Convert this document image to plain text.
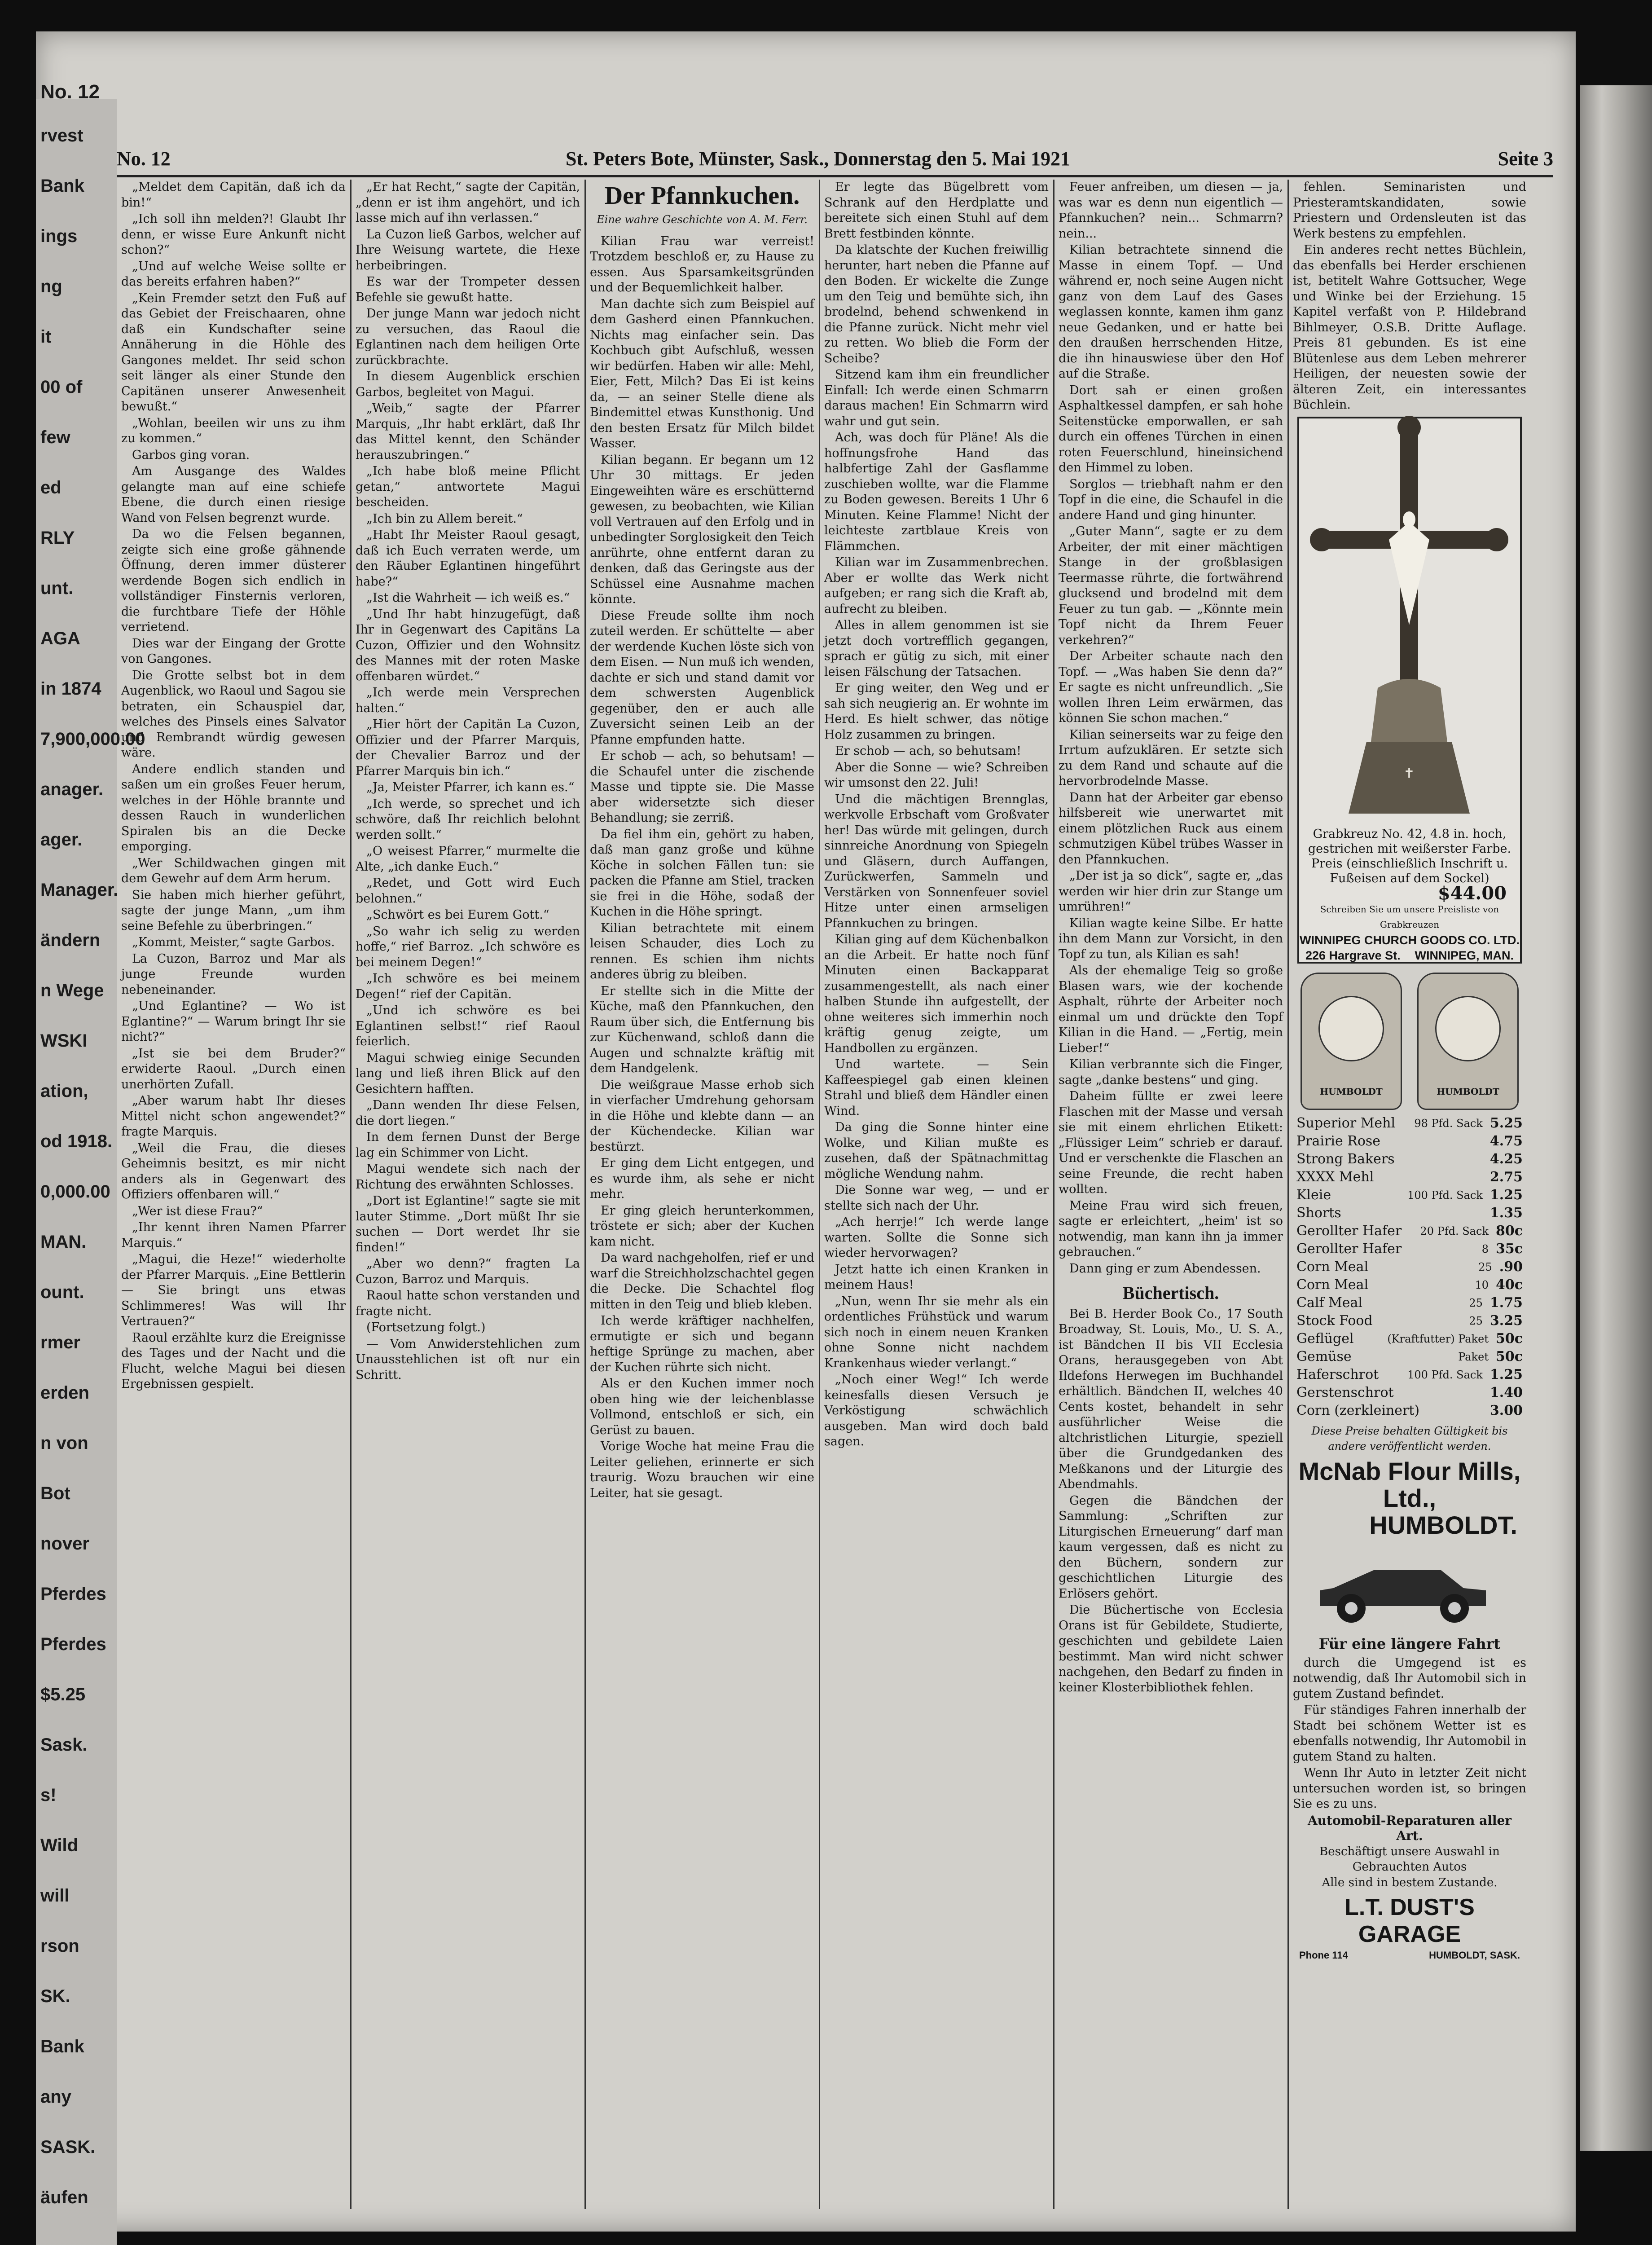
No. 12
rvest
Bank
ings
ng
it
00 of
few
ed
RLY
unt.
AGA
in 1874
7,900,000.00
anager.
ager.
Manager.
ändern
n Wege
WSKI
ation,
od 1918.
0,000.00
MAN.
ount.
rmer
erden
n von
Bot
nover
Pferdes
Pferdes
$5.25
Sask.
s!
Wild
will
rson
SK.
Bank
any
SASK.
äufen
No. 12	St. Peters Bote, Münster, Sask., Donnerstag den 5. Mai 1921	Seite 3

„Meldet dem Capitän, daß ich da bin!“

„Ich soll ihn melden?! Glaubt Ihr denn, er wisse Eure Ankunft nicht schon?“

„Und auf welche Weise sollte er das bereits erfahren haben?“

„Kein Fremder setzt den Fuß auf das Gebiet der Freischaaren, ohne daß ein Kundschafter seine Annäherung in die Höhle des Gangones meldet. Ihr seid schon seit länger als einer Stunde den Capitänen unserer Anwesenheit bewußt.“

„Wohlan, beeilen wir uns zu ihm zu kommen.“

Garbos ging voran.

Am Ausgange des Waldes gelangte man auf eine schiefe Ebene, die durch einen riesige Wand von Felsen begrenzt wurde.

Da wo die Felsen begannen, zeigte sich eine große gähnende Öffnung, deren immer düsterer werdende Bogen sich endlich in vollständiger Finsternis verloren, die furchtbare Tiefe der Höhle verrietend.

Dies war der Eingang der Grotte von Gangones.

Die Grotte selbst bot in dem Augenblick, wo Raoul und Sagou sie betraten, ein Schauspiel dar, welches des Pinsels eines Salvator und Rembrandt würdig gewesen wäre.

Andere endlich standen und saßen um ein großes Feuer herum, welches in der Höhle brannte und dessen Rauch in wunderlichen Spiralen bis an die Decke emporging.

„Wer Schildwachen gingen mit dem Gewehr auf dem Arm herum.

Sie haben mich hierher geführt, sagte der junge Mann, „um ihm seine Befehle zu überbringen.“

„Kommt, Meister,“ sagte Garbos.

La Cuzon, Barroz und Mar als junge Freunde wurden nebeneinander.

„Und Eglantine? — Wo ist Eglantine?“ — Warum bringt Ihr sie nicht?“

„Ist sie bei dem Bruder?“ erwiderte Raoul. „Durch einen unerhörten Zufall.

„Aber warum habt Ihr dieses Mittel nicht schon angewendet?“ fragte Marquis.

„Weil die Frau, die dieses Geheimnis besitzt, es mir nicht anders als in Gegenwart des Offiziers offenbaren will.“

„Wer ist diese Frau?“

„Ihr kennt ihren Namen Pfarrer Marquis.“

„Magui, die Heze!“ wiederholte der Pfarrer Marquis. „Eine Bettlerin — Sie bringt uns etwas Schlimmeres! Was will Ihr Vertrauen?“

Raoul erzählte kurz die Ereignisse des Tages und der Nacht und die Flucht, welche Magui bei diesen Ergebnissen gespielt.

„Er hat Recht,“ sagte der Capitän, „denn er ist ihm angehört, und ich lasse mich auf ihn verlassen.“

La Cuzon ließ Garbos, welcher auf Ihre Weisung wartete, die Hexe herbeibringen.

Es war der Trompeter dessen Befehle sie gewußt hatte.

Der junge Mann war jedoch nicht zu versuchen, das Raoul die Eglantinen nach dem heiligen Orte zurückbrachte.

In diesem Augenblick erschien Garbos, begleitet von Magui.

„Weib,“ sagte der Pfarrer Marquis, „Ihr habt erklärt, daß Ihr das Mittel kennt, den Schänder herauszubringen.“

„Ich habe bloß meine Pflicht getan,“ antwortete Magui bescheiden.

„Ich bin zu Allem bereit.“

„Habt Ihr Meister Raoul gesagt, daß ich Euch verraten werde, um den Räuber Eglantinen hingeführt habe?“

„Ist die Wahrheit — ich weiß es.“

„Und Ihr habt hinzugefügt, daß Ihr in Gegenwart des Capitäns La Cuzon, Offizier und den Wohnsitz des Mannes mit der roten Maske offenbaren würdet.“

„Ich werde mein Versprechen halten.“

„Hier hört der Capitän La Cuzon, Offizier und der Pfarrer Marquis, der Chevalier Barroz und der Pfarrer Marquis bin ich.“

„Ja, Meister Pfarrer, ich kann es.“

„Ich werde, so sprechet und ich schwöre, daß Ihr reichlich belohnt werden sollt.“

„O weisest Pfarrer,“ murmelte die Alte, „ich danke Euch.“

„Redet, und Gott wird Euch belohnen.“

„Schwört es bei Eurem Gott.“

„So wahr ich selig zu werden hoffe,“ rief Barroz. „Ich schwöre es bei meinem Degen!“

„Ich schwöre es bei meinem Degen!“ rief der Capitän.

„Und ich schwöre es bei Eglantinen selbst!“ rief Raoul feierlich.

Magui schwieg einige Secunden lang und ließ ihren Blick auf den Gesichtern hafften.

„Dann wenden Ihr diese Felsen, die dort liegen.“

In dem fernen Dunst der Berge lag ein Schimmer von Licht.

Magui wendete sich nach der Richtung des erwähnten Schlosses.

„Dort ist Eglantine!“ sagte sie mit lauter Stimme. „Dort müßt Ihr sie suchen — Dort werdet Ihr sie finden!“

„Aber wo denn?“ fragten La Cuzon, Barroz und Marquis.

Raoul hatte schon verstanden und fragte nicht.

(Fortsetzung folgt.)

— Vom Anwiderstehlichen zum Unausstehlichen ist oft nur ein Schritt.

Der Pfannkuchen.
Eine wahre Geschichte von A. M. Ferr.

Kilian Frau war verreist! Trotzdem beschloß er, zu Hause zu essen. Aus Sparsamkeitsgründen und der Bequemlichkeit halber.

Man dachte sich zum Beispiel auf dem Gasherd einen Pfannkuchen. Nichts mag einfacher sein. Das Kochbuch gibt Aufschluß, wessen wir bedürfen. Haben wir alle: Mehl, Eier, Fett, Milch? Das Ei ist keins da, — an seiner Stelle diene als Bindemittel etwas Kunsthonig. Und den besten Ersatz für Milch bildet Wasser.

Kilian begann. Er begann um 12 Uhr 30 mittags. Er jeden Eingeweihten wäre es erschütternd gewesen, zu beobachten, wie Kilian voll Vertrauen auf den Erfolg und in unbedingter Sorglosigkeit den Teich anrührte, ohne entfernt daran zu denken, daß das Geringste aus der Schüssel eine Ausnahme machen könnte.

Diese Freude sollte ihm noch zuteil werden. Er schüttelte — aber der werdende Kuchen löste sich von dem Eisen. — Nun muß ich wenden, dachte er sich und stand damit vor dem schwersten Augenblick gegenüber, den er auch alle Zuversicht seinen Leib an der Pfanne empfunden hatte.

Er schob — ach, so behutsam! — die Schaufel unter die zischende Masse und tippte sie. Die Masse aber widersetzte sich dieser Behandlung; sie zerriß.

Da fiel ihm ein, gehört zu haben, daß man ganz große und kühne Köche in solchen Fällen tun: sie packen die Pfanne am Stiel, tracken sie frei in die Höhe, sodaß der Kuchen in die Höhe springt.

Kilian betrachtete mit einem leisen Schauder, dies Loch zu rennen. Es schien ihm nichts anderes übrig zu bleiben.

Er stellte sich in die Mitte der Küche, maß den Pfannkuchen, den Raum über sich, die Entfernung bis zur Küchenwand, schloß dann die Augen und schnalzte kräftig mit dem Handgelenk.

Die weißgraue Masse erhob sich in vierfacher Umdrehung gehorsam in die Höhe und klebte dann — an der Küchendecke. Kilian war bestürzt.

Er ging dem Licht entgegen, und es wurde ihm, als sehe er nicht mehr.

Er ging gleich herunterkommen, tröstete er sich; aber der Kuchen kam nicht.

Da ward nachgeholfen, rief er und warf die Streichholzschachtel gegen die Decke. Die Schachtel flog mitten in den Teig und blieb kleben.

Ich werde kräftiger nachhelfen, ermutigte er sich und begann heftige Sprünge zu machen, aber der Kuchen rührte sich nicht.

Als er den Kuchen immer noch oben hing wie der leichenblasse Vollmond, entschloß er sich, ein Gerüst zu bauen.

Vorige Woche hat meine Frau die Leiter geliehen, erinnerte er sich traurig. Wozu brauchen wir eine Leiter, hat sie gesagt.

Er legte das Bügelbrett vom Schrank auf den Herdplatte und bereitete sich einen Stuhl auf dem Brett festbinden könnte.

Da klatschte der Kuchen freiwillig herunter, hart neben die Pfanne auf den Boden. Er wickelte die Zunge um den Teig und bemühte sich, ihn brodelnd, behend schwenkend in die Pfanne zurück. Nicht mehr viel zu retten. Wo blieb die Form der Scheibe?

Sitzend kam ihm ein freundlicher Einfall: Ich werde einen Schmarrn daraus machen! Ein Schmarrn wird wahr und gut sein.

Ach, was doch für Pläne! Als die hoffnungsfrohe Hand das halbfertige Zahl der Gasflamme zuschieben wollte, war die Flamme zu Boden gewesen. Bereits 1 Uhr 6 Minuten. Keine Flamme! Nicht der leichteste zartblaue Kreis von Flämmchen.

Kilian war im Zusammenbrechen. Aber er wollte das Werk nicht aufgeben; er rang sich die Kraft ab, aufrecht zu bleiben.

Alles in allem genommen ist sie jetzt doch vortrefflich gegangen, sprach er gütig zu sich, mit einer leisen Fälschung der Tatsachen.

Er ging weiter, den Weg und er sah sich neugierig an. Er wohnte im Herd. Es hielt schwer, das nötige Holz zusammen zu bringen.

Er schob — ach, so behutsam!

Aber die Sonne — wie? Schreiben wir umsonst den 22. Juli!

Und die mächtigen Brennglas, werkvolle Erbschaft vom Großvater her! Das würde mit gelingen, durch sinnreiche Anordnung von Spiegeln und Gläsern, durch Auffangen, Zurückwerfen, Sammeln und Verstärken von Sonnenfeuer soviel Hitze unter einen armseligen Pfannkuchen zu bringen.

Kilian ging auf dem Küchenbalkon an die Arbeit. Er hatte noch fünf Minuten einen Backapparat zusammengestellt, als nach einer halben Stunde ihn aufgestellt, der ohne weiteres sich immerhin noch kräftig genug zeigte, um Handbollen zu ergänzen.

Und wartete. — Sein Kaffeespiegel gab einen kleinen Strahl und bließ dem Händler einen Wind.

Da ging die Sonne hinter eine Wolke, und Kilian mußte es zusehen, daß der Spätnachmittag mögliche Wendung nahm.

Die Sonne war weg, — und er stellte sich nach der Uhr.

„Ach herrje!“ Ich werde lange warten. Sollte die Sonne sich wieder hervorwagen?

Jetzt hatte ich einen Kranken in meinem Haus!

„Nun, wenn Ihr sie mehr als ein ordentliches Frühstück und warum sich noch in einem neuen Kranken ohne Sonne nicht nachdem Krankenhaus wieder verlangt.“

„Noch einer Weg!“ Ich werde keinesfalls diesen Versuch je Verköstigung schwächlich ausgeben. Man wird doch bald sagen.

Feuer anfreiben, um diesen — ja, was war es denn nun eigentlich — Pfannkuchen? nein... Schmarrn? nein...

Kilian betrachtete sinnend die Masse in einem Topf. — Und während er, noch seine Augen nicht ganz von dem Lauf des Gases weglassen konnte, kamen ihm ganz neue Gedanken, und er hatte bei den draußen herrschenden Hitze, die ihn hinauswiese über den Hof auf die Straße.

Dort sah er einen großen Asphaltkessel dampfen, er sah hohe Seitenstücke emporwallen, er sah durch ein offenes Türchen in einen roten Feuerschlund, hineinsichend den Himmel zu loben.

Sorglos — triebhaft nahm er den Topf in die eine, die Schaufel in die andere Hand und ging hinunter.

„Guter Mann“, sagte er zu dem Arbeiter, der mit einer mächtigen Stange in der großblasigen Teermasse rührte, die fortwährend glucksend und brodelnd mit dem Feuer zu tun gab. — „Könnte mein Topf nicht da Ihrem Feuer verkehren?“

Der Arbeiter schaute nach den Topf. — „Was haben Sie denn da?“ Er sagte es nicht unfreundlich. „Sie wollen Ihren Leim erwärmen, das können Sie schon machen.“

Kilian seinerseits war zu feige den Irrtum aufzuklären. Er setzte sich zu dem Rand und schaute auf die hervorbrodelnde Masse.

Dann hat der Arbeiter gar ebenso hilfsbereit wie unerwartet mit einem plötzlichen Ruck aus einem schmutzigen Kübel trübes Wasser in den Pfannkuchen.

„Der ist ja so dick“, sagte er, „das werden wir hier drin zur Stange um umrühren!“

Kilian wagte keine Silbe. Er hatte ihn dem Mann zur Vorsicht, in den Topf zu tun, als Kilian es sah!

Als der ehemalige Teig so große Blasen wars, wie der kochende Asphalt, rührte der Arbeiter noch einmal um und drückte den Topf Kilian in die Hand. — „Fertig, mein Lieber!“

Kilian verbrannte sich die Finger, sagte „danke bestens“ und ging.

Daheim füllte er zwei leere Flaschen mit der Masse und versah sie mit einem ehrlichen Etikett: „Flüssiger Leim“ schrieb er darauf. Und er verschenkte die Flaschen an seine Freunde, die recht haben wollten.

Meine Frau wird sich freuen, sagte er erleichtert, „heim' ist so notwendig, man kann ihn ja immer gebrauchen.“

Dann ging er zum Abendessen.

Büchertisch.

Bei B. Herder Book Co., 17 South Broadway, St. Louis, Mo., U. S. A., ist Bändchen II bis VII Ecclesia Orans, herausgegeben von Abt Ildefons Herwegen im Buchhandel erhältlich. Bändchen II, welches 40 Cents kostet, behandelt in sehr ausführlicher Weise die altchristlichen Liturgie, speziell über die Grundgedanken des Meßkanons und der Liturgie des Abendmahls.

Gegen die Bändchen der Sammlung: „Schriften zur Liturgischen Erneuerung“ darf man kaum vergessen, daß es nicht zu den Büchern, sondern zur geschichtlichen Liturgie des Erlösers gehört.

Die Büchertische von Ecclesia Orans ist für Gebildete, Studierte, geschichten und gebildete Laien bestimmt. Man wird nicht schwer nachgehen, den Bedarf zu finden in keiner Klosterbibliothek fehlen.

fehlen. Seminaristen und Priesteramtskandidaten, sowie Priestern und Ordensleuten ist das Werk bestens zu empfehlen.

Ein anderes recht nettes Büchlein, das ebenfalls bei Herder erschienen ist, betitelt Wahre Gottsucher, Wege und Winke bei der Erziehung. 15 Kapitel verfaßt von P. Hildebrand Bihlmeyer, O.S.B. Dritte Auflage. Preis 81 gebunden. Es ist eine Blütenlese aus dem Leben mehrerer Heiligen, der neuesten sowie der älteren Zeit, ein interessantes Büchlein.

✝
Grabkreuz No. 42, 4.8 in. hoch, gestrichen mit weißerster Farbe. Preis (einschließlich Inschrift u. Fußeisen auf dem Sockel)
$44.00
Schreiben Sie um unsere Preisliste von Grabkreuzen
WINNIPEG CHURCH GOODS CO. LTD.
226 Hargrave St. WINNIPEG, MAN.
HUMBOLDT	HUMBOLDT
Superior Mehl	98 Pfd. Sack 5.25
Prairie Rose	4.75
Strong Bakers	4.25
XXXX Mehl	2.75
Kleie	100 Pfd. Sack 1.25
Shorts	1.35
Gerollter Hafer	20 Pfd. Sack 80c
Gerollter Hafer	8 35c
Corn Meal	25 .90
Corn Meal	10 40c
Calf Meal	25 1.75
Stock Food	25 3.25
Geflügel	(Kraftfutter) Paket 50c
Gemüse	Paket 50c
Haferschrot	100 Pfd. Sack 1.25
Gerstenschrot	1.40
Corn (zerkleinert)	3.00
Diese Preise behalten Gültigkeit bis andere veröffentlicht werden.
McNab Flour Mills, Ltd.,
HUMBOLDT.
Für eine längere Fahrt

durch die Umgegend ist es notwendig, daß Ihr Automobil sich in gutem Zustand befindet.

Für ständiges Fahren innerhalb der Stadt bei schönem Wetter ist es ebenfalls notwendig, Ihr Automobil in gutem Stand zu halten.

Wenn Ihr Auto in letzter Zeit nicht untersuchen worden ist, so bringen Sie es zu uns.

Automobil-Reparaturen aller Art.
Beschäftigt unsere Auswahl in Gebrauchten Autos
Alle sind in bestem Zustande.
L.T. DUST'S GARAGE
Phone 114	HUMBOLDT, SASK.
